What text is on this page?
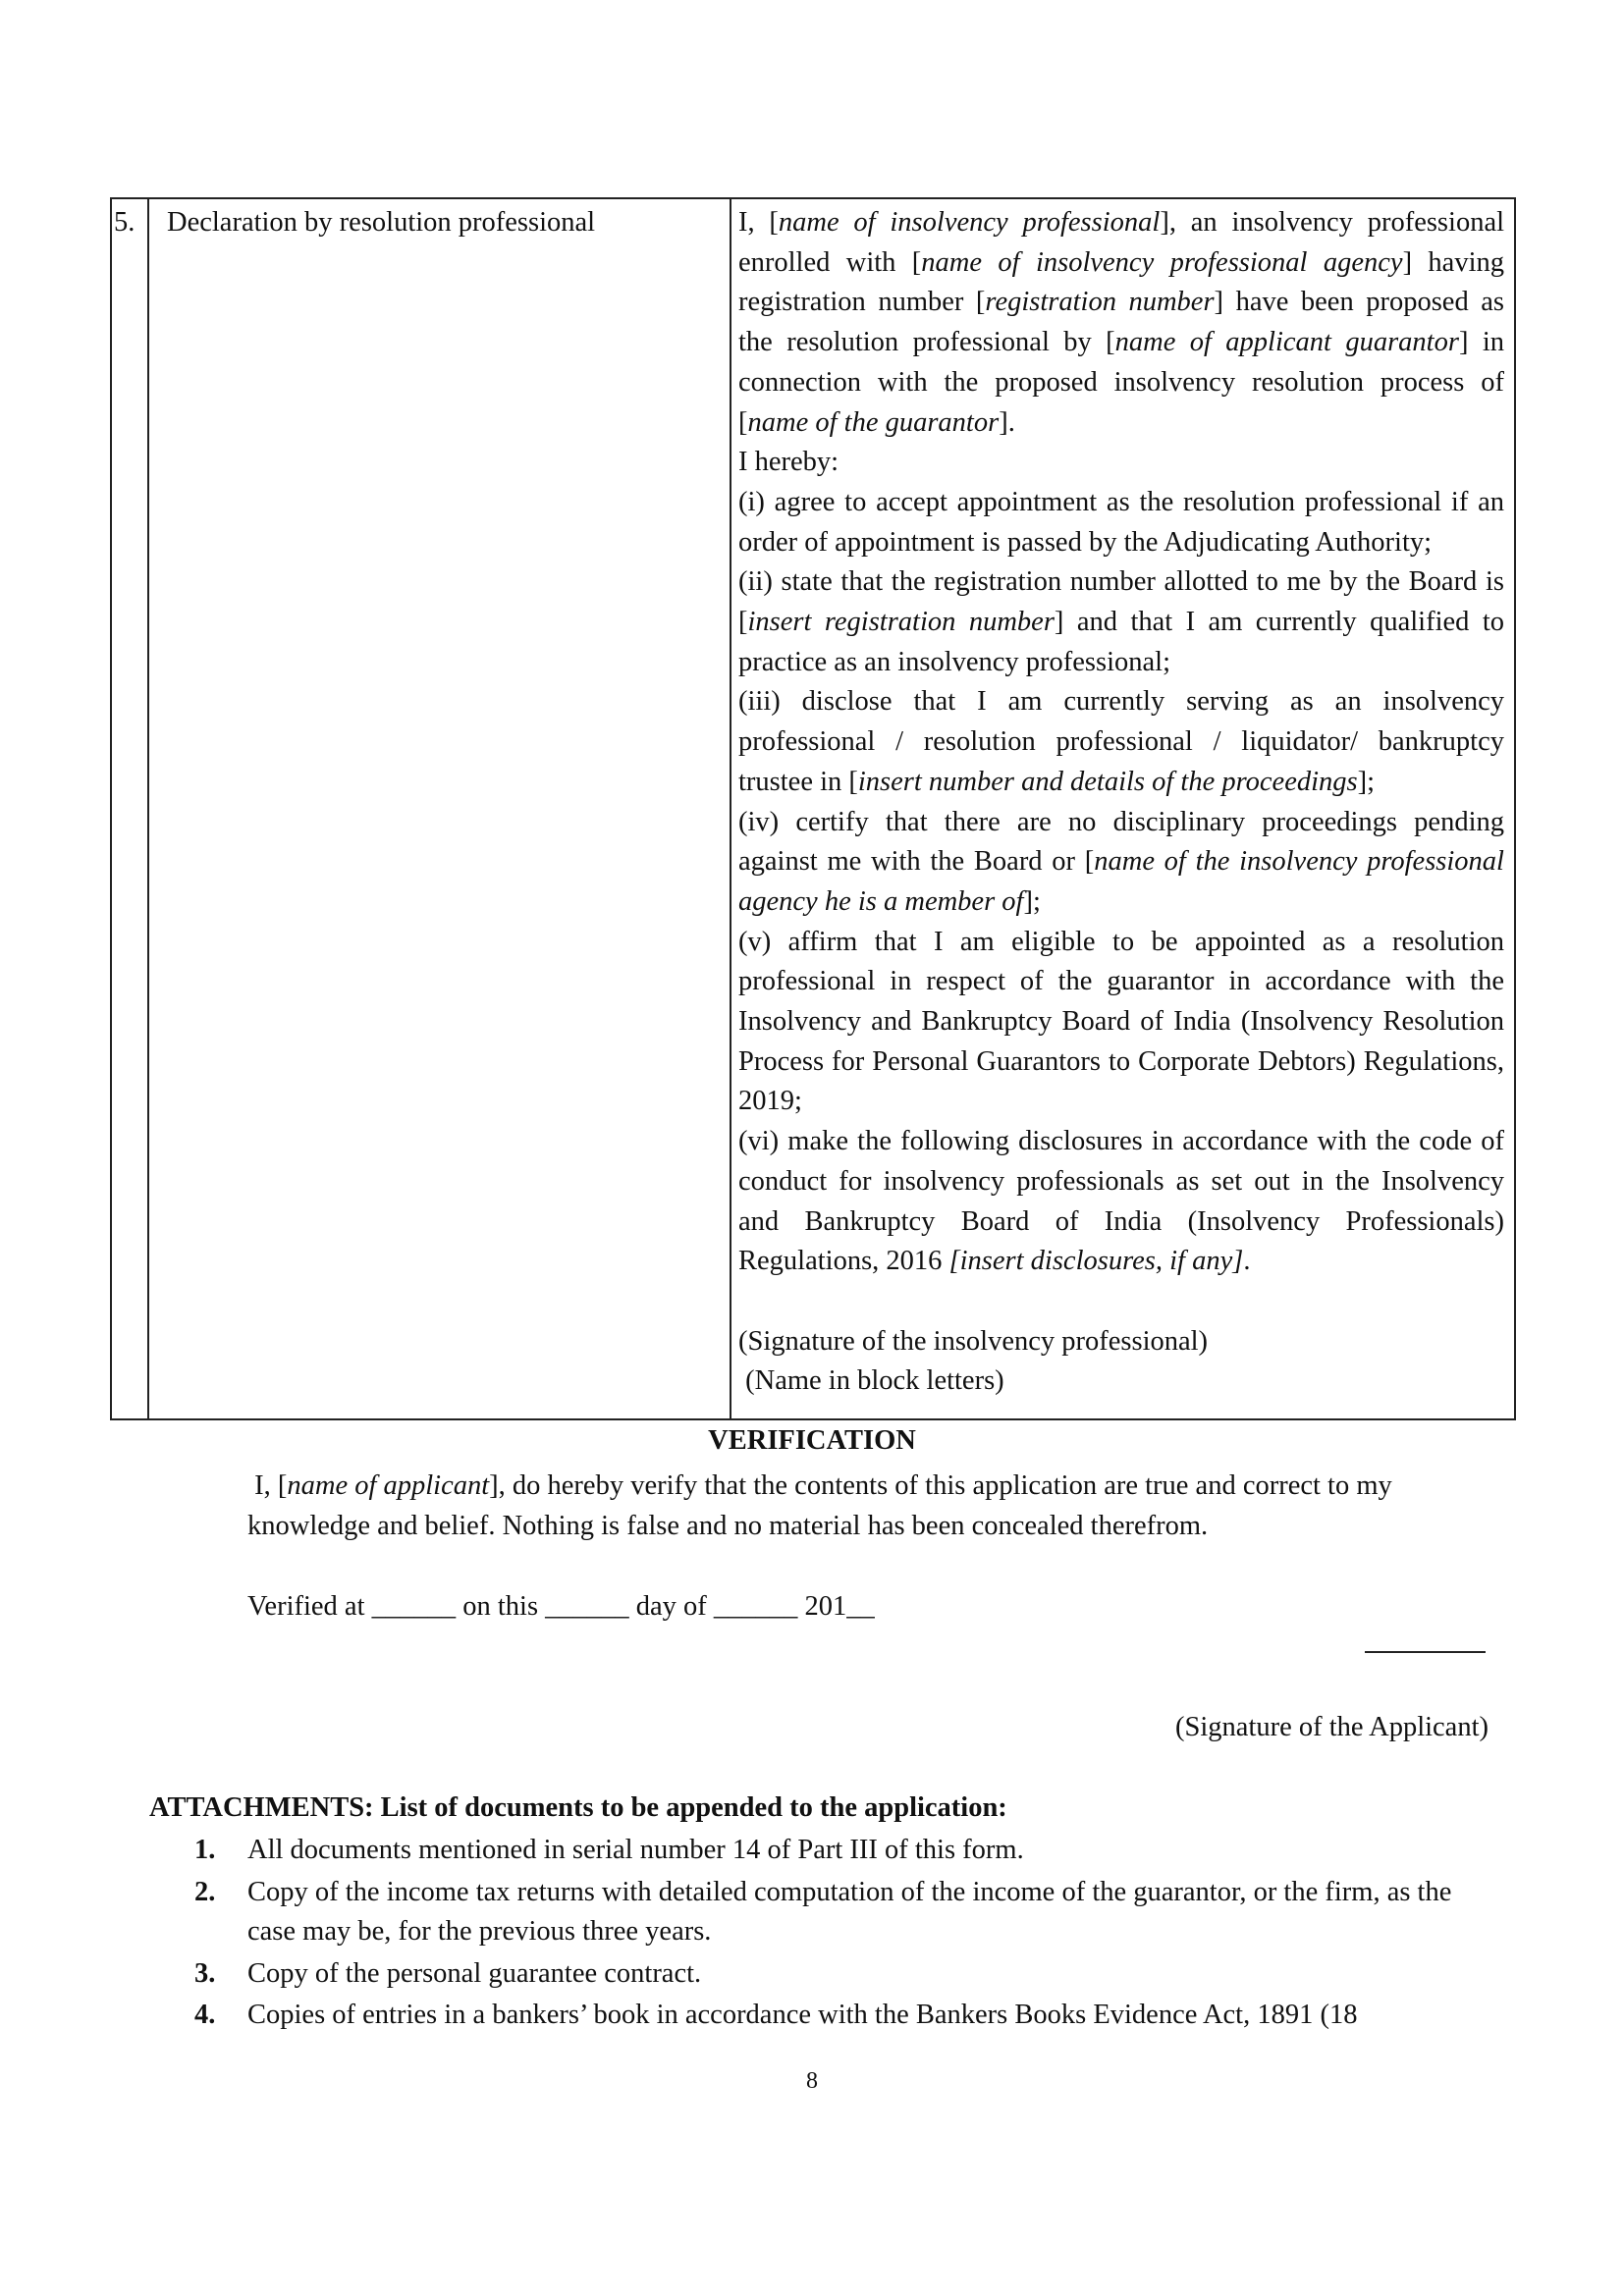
5.	Declaration by resolution professional	I, [name of insolvency professional], an insolvency professional enrolled with [name of insolvency professional agency] having registration number [registration number] have been proposed as the resolution professional by [name of applicant guarantor] in connection with the proposed insolvency resolution process of [name of the guarantor].

I hereby:

(i) agree to accept appointment as the resolution professional if an order of appointment is passed by the Adjudicating Authority;

(ii) state that the registration number allotted to me by the Board is [insert registration number] and that I am currently qualified to practice as an insolvency professional;

(iii) disclose that I am currently serving as an insolvency professional / resolution professional / liquidator/ bankruptcy trustee in [insert number and details of the proceedings];

(iv) certify that there are no disciplinary proceedings pending against me with the Board or [name of the insolvency professional agency he is a member of];

(v) affirm that I am eligible to be appointed as a resolution professional in respect of the guarantor in accordance with the Insolvency and Bankruptcy Board of India (Insolvency Resolution Process for Personal Guarantors to Corporate Debtors) Regulations, 2019;

(vi) make the following disclosures in accordance with the code of conduct for insolvency professionals as set out in the Insolvency and Bankruptcy Board of India (Insolvency Professionals) Regulations, 2016 [insert disclosures, if any].

(Signature of the insolvency professional)

(Name in block letters)

VERIFICATION
I, [name of applicant], do hereby verify that the contents of this application are true and correct to my knowledge and belief. Nothing is false and no material has been concealed therefrom.
Verified at ______ on this ______ day of ______ 201__
(Signature of the Applicant)
ATTACHMENTS: List of documents to be appended to the application:
1. All documents mentioned in serial number 14 of Part III of this form.
2. Copy of the income tax returns with detailed computation of the income of the guarantor, or the firm, as the case may be, for the previous three years.
3. Copy of the personal guarantee contract.
4. Copies of entries in a bankers’ book in accordance with the Bankers Books Evidence Act, 1891 (18
8
